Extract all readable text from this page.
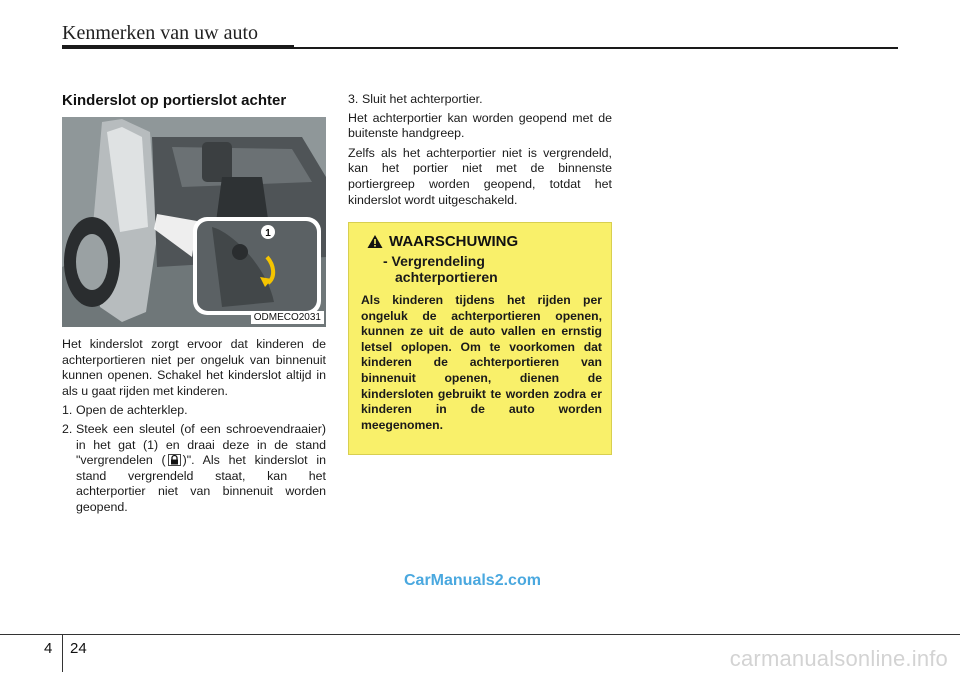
Kenmerken van uw auto
Kinderslot op portierslot achter
1
ODMECO2031

Het kinderslot zorgt ervoor dat kinderen de achterportieren niet per ongeluk van binnenuit kunnen openen. Schakel het kinderslot altijd in als u gaat rijden met kinderen.

1. Open de achterklep.
2. Steek een sleutel (of een schroevendraaier) in het gat (1) en draai deze in de stand "vergrendelen ( )". Als het kinderslot in stand vergrendeld staat, kan het achterportier niet van binnenuit worden geopend.
3. Sluit het achterportier.

Het achterportier kan worden geopend met de buitenste handgreep.

Zelfs als het achterportier niet is vergrendeld, kan het portier niet met de binnenste portiergreep worden geopend, totdat het kinderslot wordt uitgeschakeld.

WAARSCHUWING
- Vergrendeling
achterportieren

Als kinderen tijdens het rijden per ongeluk de achterportieren openen, kunnen ze uit de auto vallen en ernstig letsel oplopen. Om te voorkomen dat kinderen de achterportieren van binnenuit openen, dienen de kindersloten gebruikt te worden zodra er kinderen in de auto worden meegenomen.

CarManuals2.com
4 24	carmanualsonline.info
